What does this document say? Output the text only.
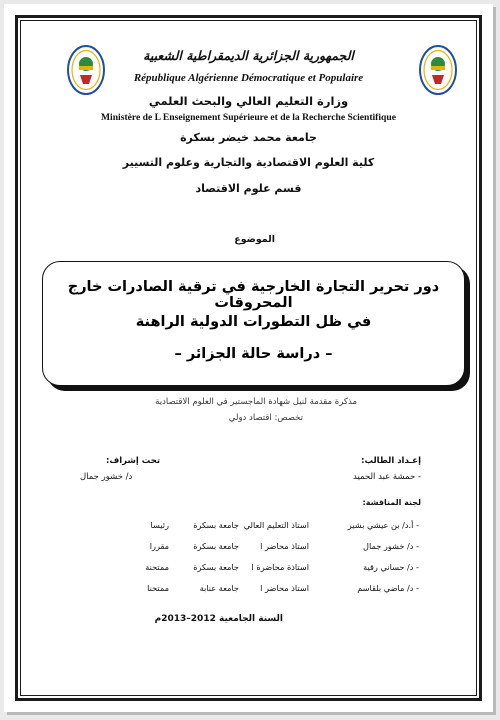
الجمهورية الجزائرية الديمقراطية الشعبية
République Algérienne Démocratique et Populaire
وزارة التعليم العالي والبحث العلمي
Ministère de L Enseignement Supérieure et de la Recherche Scientifique
جامعة محمد خيضر بسكرة
كلية العلوم الاقتصادية والتجارية وعلوم التسيير
قسم علوم الاقتصاد
الموضوع
دور تحرير التجارة الخارجية في ترقية الصادرات خارج المحروقات
في ظل التطورات الدولية الراهنة
– دراسة حالة الجزائر –
مذكرة مقدمة لنيل شهادة الماجستير في العلوم الاقتصادية
تخصص: اقتصاد دولي
تحت إشراف:
د/ خشور جمال
إعـداد الطالب:
- حمشة عبد الحميد
لجنة المناقشة:
- أ.د/ بن عيشي بشير
استاذ التعليم العالي
جامعة بسكرة
رئيسا
- د/ خشور جمال
استاذ محاضر ا
جامعة بسكرة
مقررا
- د/ حساني رقية
استاذة محاضرة ا
جامعة بسكرة
ممتحنة
- د/ ماضي بلقاسم
استاذ محاضر ا
جامعة عنابة
ممتحنا
السنة الجامعية 2012–2013م
